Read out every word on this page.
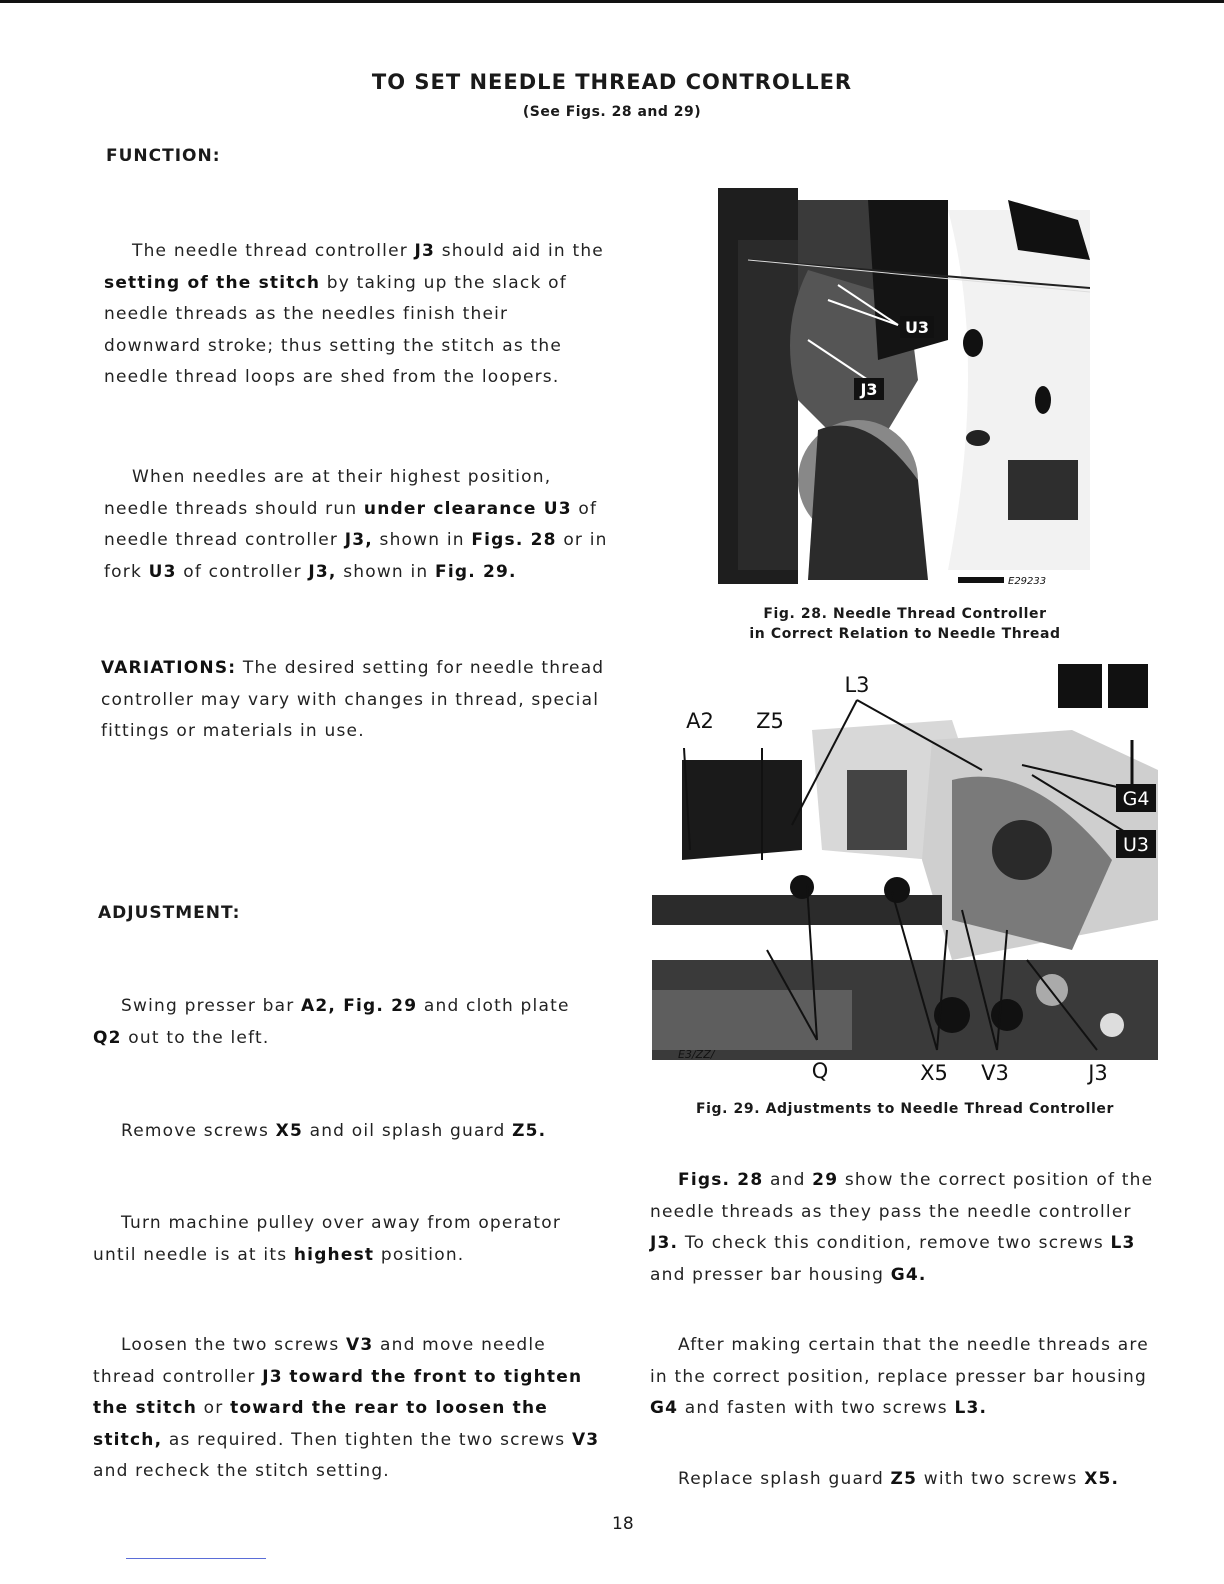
TO SET NEEDLE THREAD CONTROLLER
(See Figs. 28 and 29)
FUNCTION:
The needle thread controller J3 should aid in the setting of the stitch by taking up the slack of needle threads as the needles finish their downward stroke; thus setting the stitch as the needle thread loops are shed from the loopers.
When needles are at their highest position, needle threads should run under clearance U3 of needle thread controller J3, shown in Figs. 28 or in fork U3 of controller J3, shown in Fig. 29.
VARIATIONS: The desired setting for needle thread controller may vary with changes in thread, special fittings or materials in use.
ADJUSTMENT:
Swing presser bar A2, Fig. 29 and cloth plate Q2 out to the left.
Remove screws X5 and oil splash guard Z5.
Turn machine pulley over away from operator until needle is at its highest position.
Loosen the two screws V3 and move needle thread controller J3 toward the front to tighten the stitch or toward the rear to loosen the stitch, as required. Then tighten the two screws V3 and recheck the stitch setting.
U3
J3
E29233
Fig. 28. Needle Thread Controller
in Correct Relation to Needle Thread
L3
A2 Z5
G4
U3
E3/ZZ/
Q	X5 V3	J3
Fig. 29. Adjustments to Needle Thread Controller
Figs. 28 and 29 show the correct position of the needle threads as they pass the needle controller J3. To check this condition, remove two screws L3 and presser bar housing G4.
After making certain that the needle threads are in the correct position, replace presser bar housing G4 and fasten with two screws L3.
Replace splash guard Z5 with two screws X5.
18
